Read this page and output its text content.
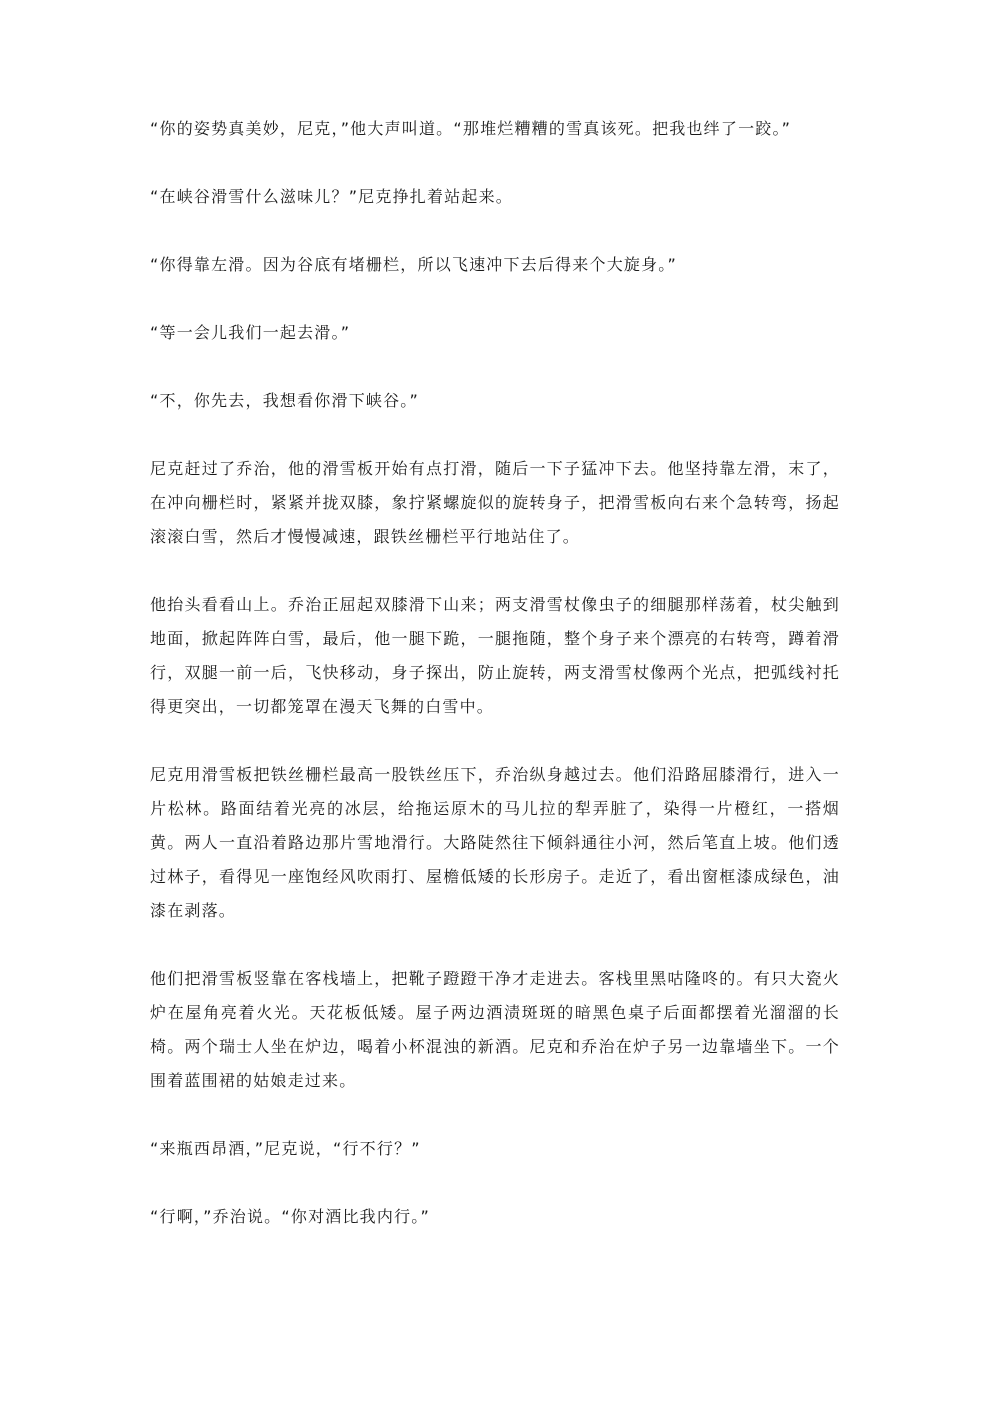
“你的姿势真美妙，尼克，”他大声叫道。“那堆烂糟糟的雪真该死。把我也绊了一跤。”

“在峡谷滑雪什么滋味儿？”尼克挣扎着站起来。

“你得靠左滑。因为谷底有堵栅栏，所以飞速冲下去后得来个大旋身。”

“等一会儿我们一起去滑。”

“不，你先去，我想看你滑下峡谷。”

尼克赶过了乔治，他的滑雪板开始有点打滑，随后一下子猛冲下去。他坚持靠左滑，末了，在冲向栅栏时，紧紧并拢双膝，象拧紧螺旋似的旋转身子，把滑雪板向右来个急转弯，扬起滚滚白雪，然后才慢慢减速，跟铁丝栅栏平行地站住了。

他抬头看看山上。乔治正屈起双膝滑下山来；两支滑雪杖像虫子的细腿那样荡着，杖尖触到地面，掀起阵阵白雪，最后，他一腿下跪，一腿拖随，整个身子来个漂亮的右转弯，蹲着滑行，双腿一前一后，飞快移动，身子探出，防止旋转，两支滑雪杖像两个光点，把弧线衬托得更突出，一切都笼罩在漫天飞舞的白雪中。

尼克用滑雪板把铁丝栅栏最高一股铁丝压下，乔治纵身越过去。他们沿路屈膝滑行，进入一片松林。路面结着光亮的冰层，给拖运原木的马儿拉的犁弄脏了，染得一片橙红，一搭烟黄。两人一直沿着路边那片雪地滑行。大路陡然往下倾斜通往小河，然后笔直上坡。他们透过林子，看得见一座饱经风吹雨打、屋檐低矮的长形房子。走近了，看出窗框漆成绿色，油漆在剥落。

他们把滑雪板竖靠在客栈墙上，把靴子蹬蹬干净才走进去。客栈里黑咕隆咚的。有只大瓷火炉在屋角亮着火光。天花板低矮。屋子两边酒渍斑斑的暗黑色桌子后面都摆着光溜溜的长椅。两个瑞士人坐在炉边，喝着小杯混浊的新酒。尼克和乔治在炉子另一边靠墙坐下。一个围着蓝围裙的姑娘走过来。

“来瓶西昂酒，”尼克说，“行不行？”

“行啊，”乔治说。“你对酒比我内行。”
